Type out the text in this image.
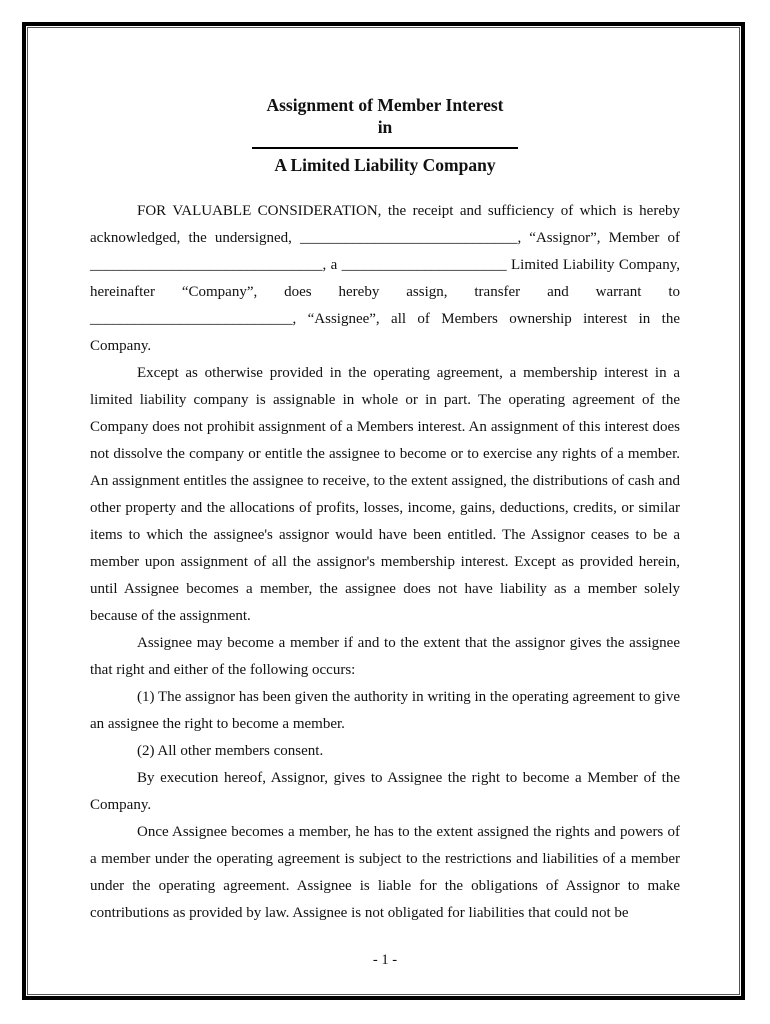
Assignment of Member Interest
in
A Limited Liability Company

FOR VALUABLE CONSIDERATION, the receipt and sufficiency of which is hereby acknowledged, the undersigned, _____________________________, “Assignor”, Member of _______________________________, a ______________________ Limited Liability Company, hereinafter “Company”, does hereby assign, transfer and warrant to ___________________________, “Assignee”, all of Members ownership interest in the Company.

Except as otherwise provided in the operating agreement, a membership interest in a limited liability company is assignable in whole or in part. The operating agreement of the Company does not prohibit assignment of a Members interest. An assignment of this interest does not dissolve the company or entitle the assignee to become or to exercise any rights of a member. An assignment entitles the assignee to receive, to the extent assigned, the distributions of cash and other property and the allocations of profits, losses, income, gains, deductions, credits, or similar items to which the assignee's assignor would have been entitled. The Assignor ceases to be a member upon assignment of all the assignor's membership interest. Except as provided herein, until Assignee becomes a member, the assignee does not have liability as a member solely because of the assignment.

Assignee may become a member if and to the extent that the assignor gives the assignee that right and either of the following occurs:

(1) The assignor has been given the authority in writing in the operating agreement to give an assignee the right to become a member.

(2) All other members consent.

By execution hereof, Assignor, gives to Assignee the right to become a Member of the Company.

Once Assignee becomes a member, he has to the extent assigned the rights and powers of a member under the operating agreement is subject to the restrictions and liabilities of a member under the operating agreement. Assignee is liable for the obligations of Assignor to make contributions as provided by law. Assignee is not obligated for liabilities that could not be

- 1 -
